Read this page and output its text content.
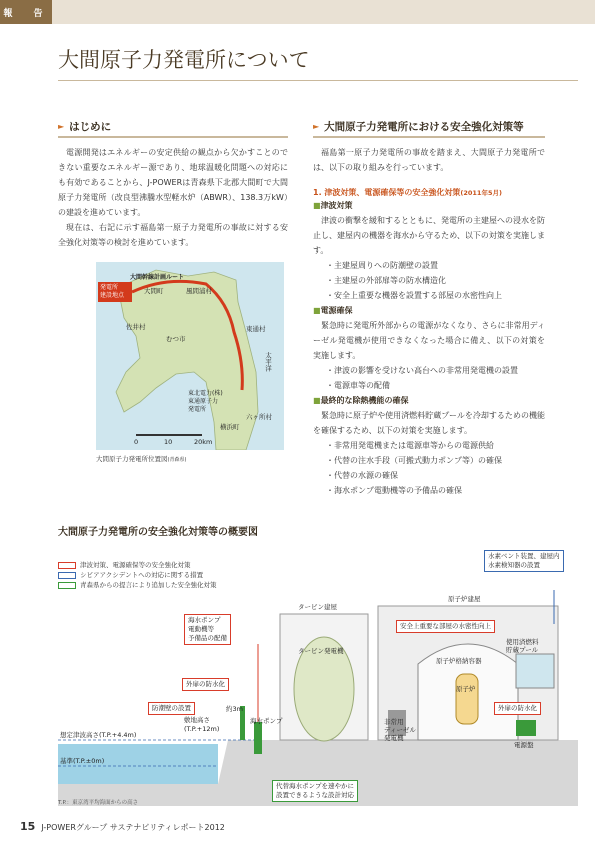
報　告
大間原子力発電所について
► はじめに

電源開発はエネルギーの安定供給の観点から欠かすことのできない重要なエネルギー源であり、地球温暖化問題への対応にも有効であることから、J-POWERは青森県下北郡大間町で大間原子力発電所（改良型沸騰水型軽水炉（ABWR）、138.3万kW）の建設を進めています。

現在は、右記に示す福島第一原子力発電所の事故に対する安全強化対策等の検討を進めています。

大間幹線計画ルート
発電所
建設地点
大間町	風間浦村
佐井村
むつ市
東通村
太平洋
六ヶ所村
横浜町
東北電力(株)
東通原子力
発電所
0	10	20km
大間原子力発電所位置図(青森県)
► 大間原子力発電所における安全強化対策等

福島第一原子力発電所の事故を踏まえ、大間原子力発電所では、以下の取り組みを行っています。

1. 津波対策、電源確保等の安全強化対策(2011年5月)
■津波対策

津波の衝撃を緩和するとともに、発電所の主建屋への浸水を防止し、建屋内の機器を海水から守るため、以下の対策を実施します。

・ 主建屋周りへの防潮壁の設置
・ 主建屋の外部扉等の防水構造化
・ 安全上重要な機器を設置する部屋の水密性向上
■電源確保

緊急時に発電所外部からの電源がなくなり、さらに非常用ディーゼル発電機が使用できなくなった場合に備え、以下の対策を実施します。

・ 津波の影響を受けない高台への非常用発電機の設置
・ 電源車等の配備
■最終的な除熱機能の確保

緊急時に原子炉や使用済燃料貯蔵プールを冷却するための機能を確保するため、以下の対策を実施します。

・ 非常用発電機または電源車等からの電源供給
・ 代替の注水手段（可搬式動力ポンプ等）の確保
・ 代替の水源の確保
・ 海水ポンプ電動機等の予備品の確保
大間原子力発電所の安全強化対策等の概要図
津波対策、電源確保等の安全強化対策
シビアアクシデントへの対応に関する措置
青森県からの提言により追加した安全強化対策
タービン建屋
タービン発電機
原子炉建屋
原子炉格納容器
原子炉
使用済燃料
貯蔵プール
非常用
ディーゼル
発電機
海水ポンプ
敷地高さ
(T.P.+12m)
想定津波高さ(T.P.+4.4m)
基準(T.P.±0m)
電源盤
約3m
海水ポンプ
電動機等
予備品の配備
外扉の防水化
防潮壁の設置
安全上重要な部屋の水密性向上
外扉の防水化
水素ベント装置、建屋内
水素検知器の設置
代替海水ポンプを速やかに
設置できるような設計対応
T.P.：東京湾平均海面からの高さ
15 J-POWERグループ サステナビリティレポート2012
